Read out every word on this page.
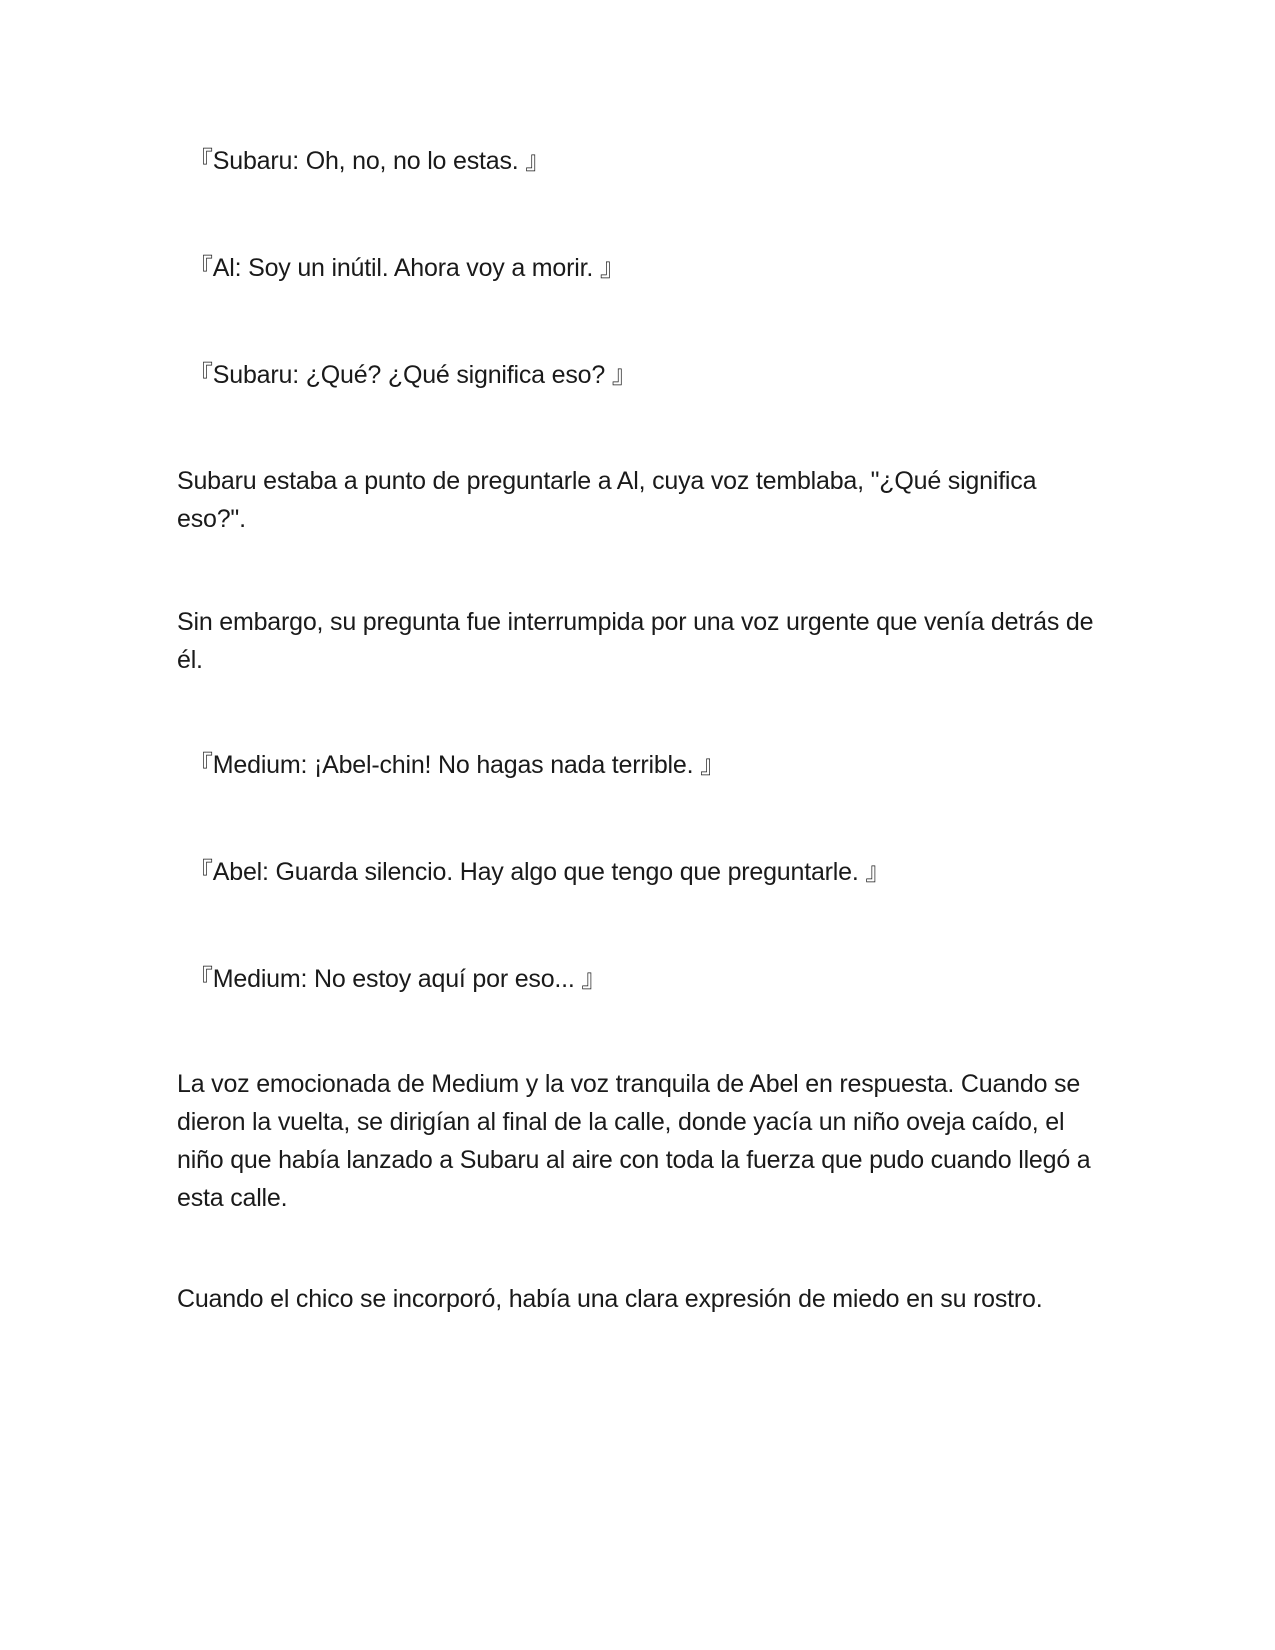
『Subaru: Oh, no, no lo estas. 』
『Al: Soy un inútil. Ahora voy a morir. 』
『Subaru: ¿Qué? ¿Qué significa eso? 』
Subaru estaba a punto de preguntarle a Al, cuya voz temblaba, "¿Qué significa eso?".
Sin embargo, su pregunta fue interrumpida por una voz urgente que venía detrás de él.
『Medium: ¡Abel-chin! No hagas nada terrible. 』
『Abel: Guarda silencio. Hay algo que tengo que preguntarle. 』
『Medium: No estoy aquí por eso... 』
La voz emocionada de Medium y la voz tranquila de Abel en respuesta. Cuando se dieron la vuelta, se dirigían al final de la calle, donde yacía un niño oveja caído, el niño que había lanzado a Subaru al aire con toda la fuerza que pudo cuando llegó a esta calle.
Cuando el chico se incorporó, había una clara expresión de miedo en su rostro.
